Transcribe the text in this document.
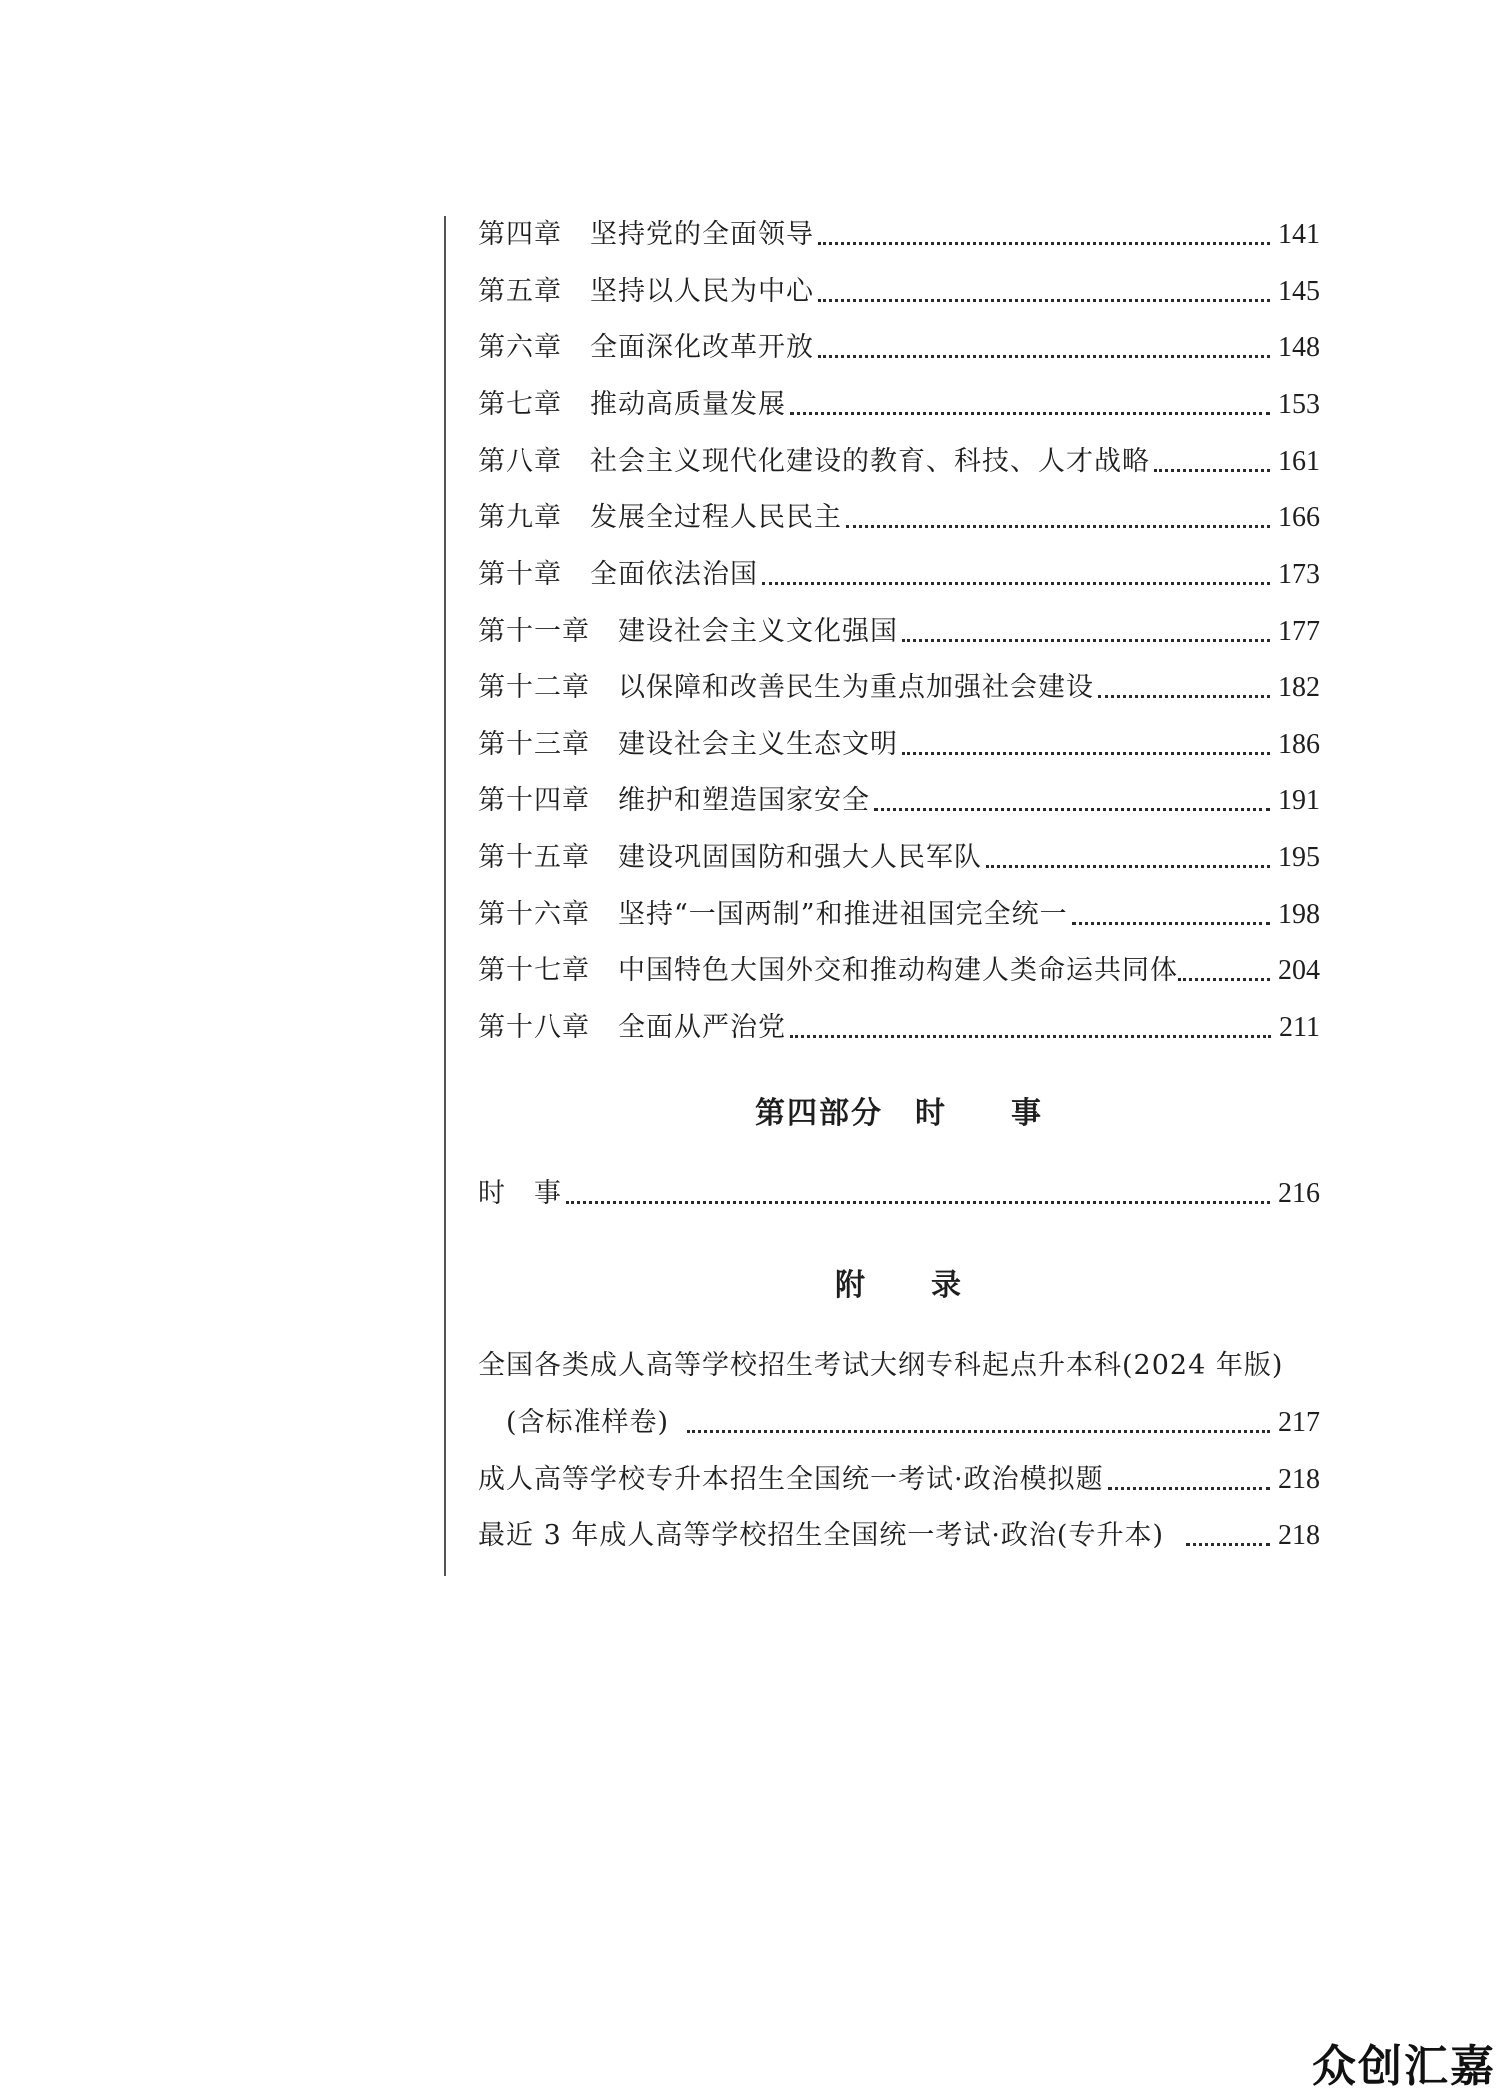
第四章	坚持党的全面领导	141
第五章	坚持以人民为中心	145
第六章	全面深化改革开放	148
第七章	推动高质量发展	153
第八章	社会主义现代化建设的教育、科技、人才战略	161
第九章	发展全过程人民民主	166
第十章	全面依法治国	173
第十一章	建设社会主义文化强国	177
第十二章	以保障和改善民生为重点加强社会建设	182
第十三章	建设社会主义生态文明	186
第十四章	维护和塑造国家安全	191
第十五章	建设巩固国防和强大人民军队	195
第十六章	坚持“一国两制”和推进祖国完全统一	198
第十七章	中国特色大国外交和推动构建人类命运共同体	204
第十八章	全面从严治党	211
第四部分　时　　事
时　事	216
附　　录
全国各类成人高等学校招生考试大纲专科起点升本科(2024 年版)
(含标准样卷)	217
成人高等学校专升本招生全国统一考试·政治模拟题	218
最近 3 年成人高等学校招生全国统一考试·政治(专升本)	218
众创汇嘉
